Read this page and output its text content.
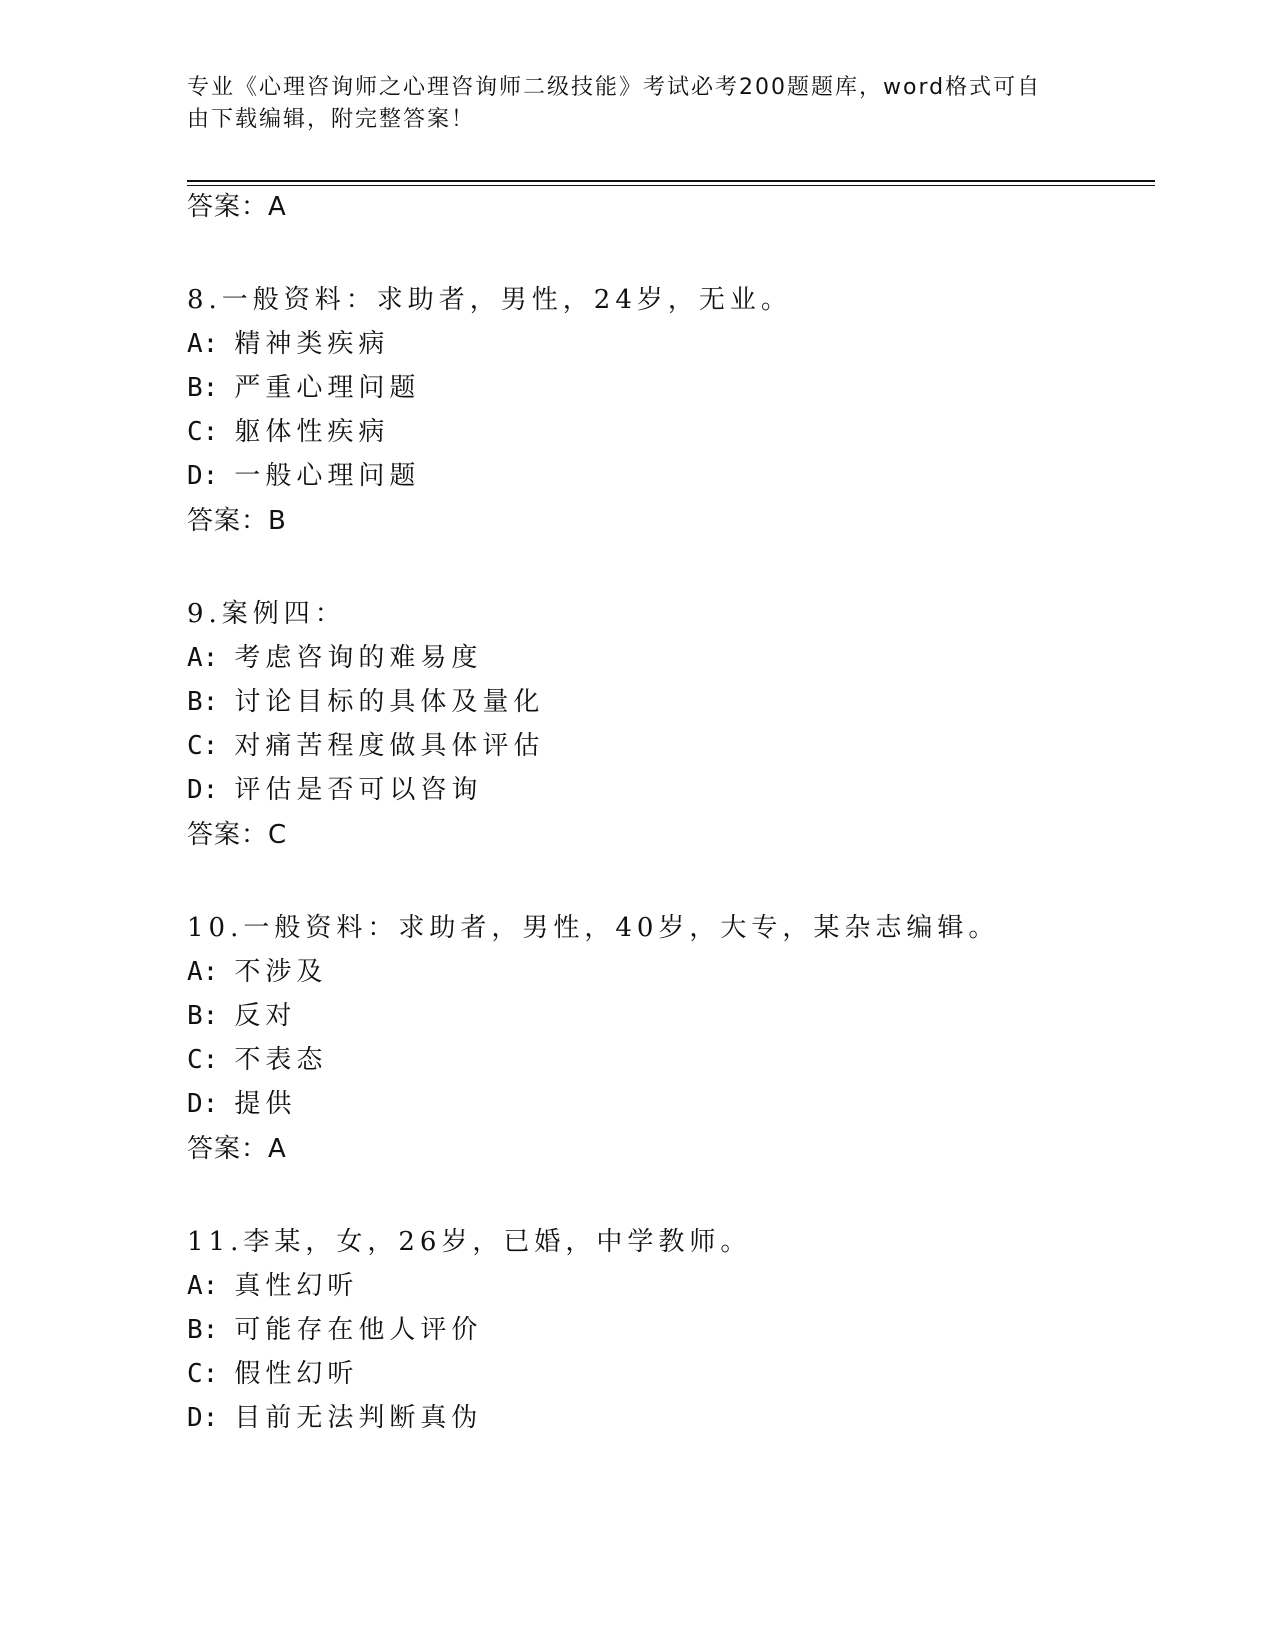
专业《心理咨询师之心理咨询师二级技能》考试必考200题题库，word格式可自
由下载编辑，附完整答案！
答案：A
8.一般资料：求助者，男性，24岁，无业。
A: 精神类疾病
B: 严重心理问题
C: 躯体性疾病
D: 一般心理问题
答案：B
9.案例四：
A: 考虑咨询的难易度
B: 讨论目标的具体及量化
C: 对痛苦程度做具体评估
D: 评估是否可以咨询
答案：C
10.一般资料：求助者，男性，40岁，大专，某杂志编辑。
A: 不涉及
B: 反对
C: 不表态
D: 提供
答案：A
11.李某，女，26岁，已婚，中学教师。
A: 真性幻听
B: 可能存在他人评价
C: 假性幻听
D: 目前无法判断真伪
